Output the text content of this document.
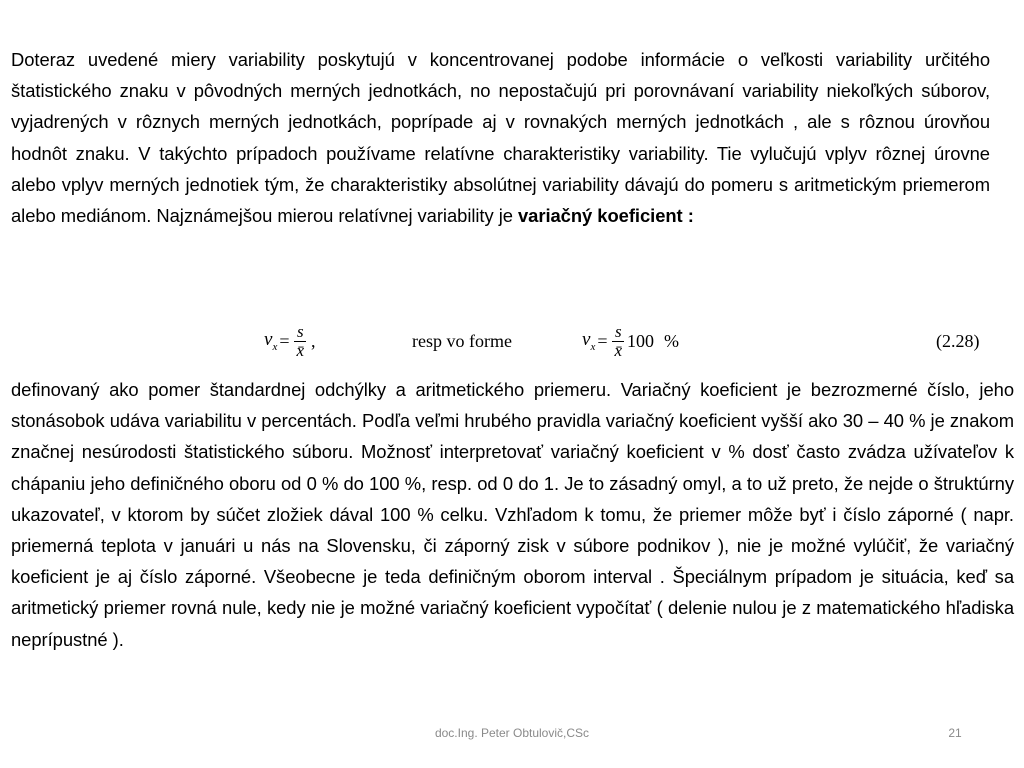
Doteraz uvedené miery variability poskytujú v koncentrovanej podobe informácie o veľkosti variability určitého štatistického znaku v pôvodných merných jednotkách, no nepostačujú pri porovnávaní variability niekoľkých súborov, vyjadrených v rôznych merných jednotkách, poprípade aj v rovnakých merných jednotkách , ale s rôznou úrovňou hodnôt znaku. V takýchto prípadoch používame relatívne charakteristiky variability. Tie vylučujú vplyv rôznej úrovne alebo vplyv merných jednotiek tým, že charakteristiky absolútnej variability dávajú do pomeru s aritmetickým priemerom alebo mediánom. Najznámejšou mierou relatívnej variability je variačný koeficient :

$v_x = \frac{s}{x̄}$ ,	resp vo forme	$v_x = \frac{s}{x̄} 100$ %	(2.28)

definovaný ako pomer štandardnej odchýlky a aritmetického priemeru. Variačný koeficient je bezrozmerné číslo, jeho stonásobok udáva variabilitu v percentách. Podľa veľmi hrubého pravidla variačný koeficient vyšší ako 30 – 40 % je znakom značnej nesúrodosti štatistického súboru. Možnosť interpretovať variačný koeficient v % dosť často zvádza užívateľov k chápaniu jeho definičného oboru od 0 % do 100 %, resp. od 0 do 1. Je to zásadný omyl, a to už preto, že nejde o štruktúrny ukazovateľ, v ktorom by súčet zložiek dával 100 % celku. Vzhľadom k tomu, že priemer môže byť i číslo záporné ( napr. priemerná teplota v januári u nás na Slovensku, či záporný zisk v súbore podnikov ), nie je možné vylúčiť, že variačný koeficient je aj číslo záporné. Všeobecne je teda definičným oborom interval . Špeciálnym prípadom je situácia, keď sa aritmetický priemer rovná nule, kedy nie je možné variačný koeficient vypočítať ( delenie nulou je z matematického hľadiska neprípustné ).

doc.Ing. Peter Obtulovič,CSc	21
